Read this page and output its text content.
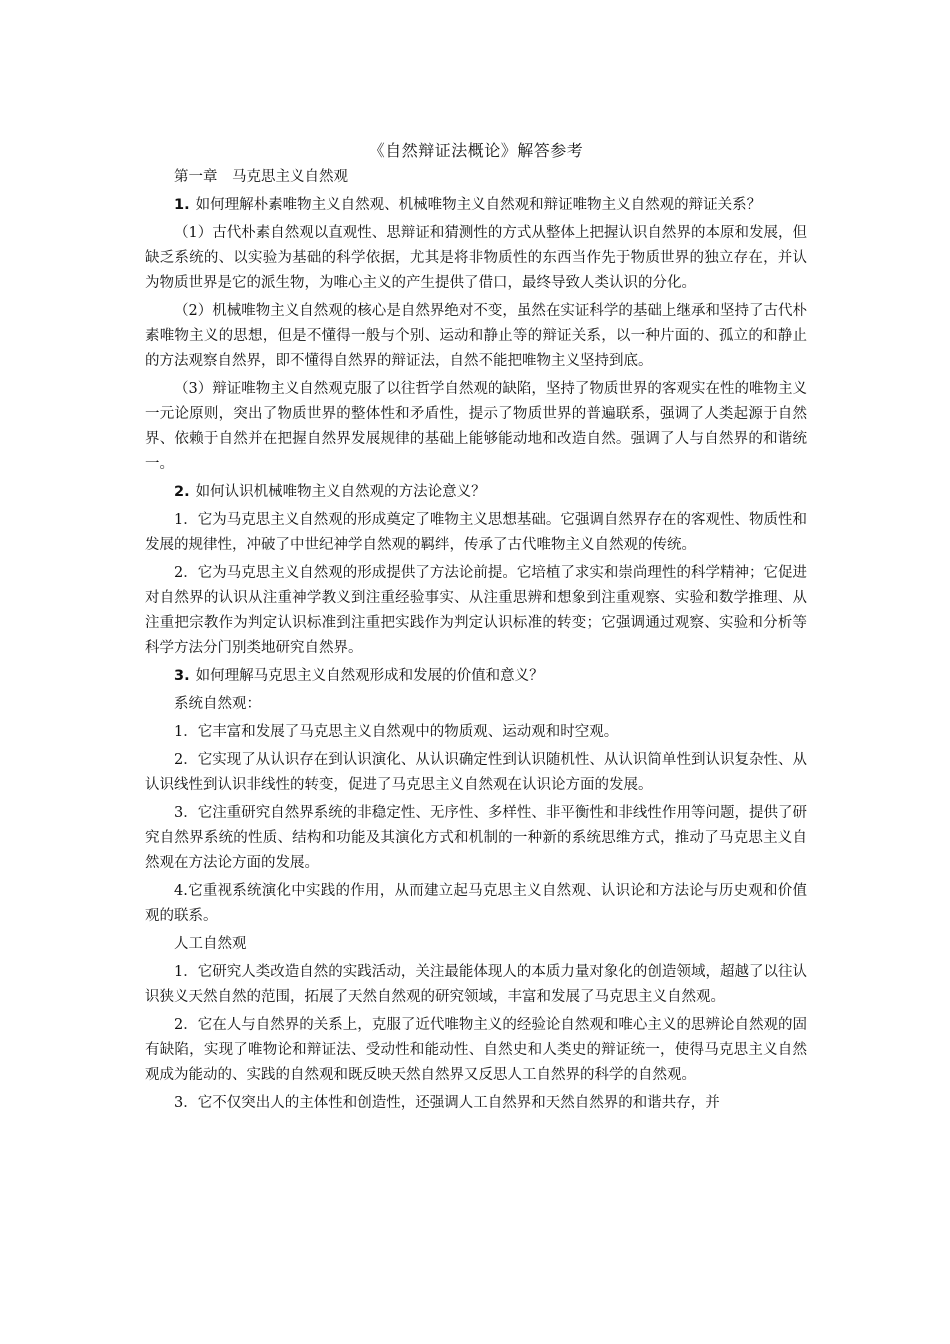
《自然辩证法概论》解答参考

第一章　马克思主义自然观

1. 如何理解朴素唯物主义自然观、机械唯物主义自然观和辩证唯物主义自然观的辩证关系？

（1）古代朴素自然观以直观性、思辩证和猜测性的方式从整体上把握认识自然界的本原和发展，但缺乏系统的、以实验为基础的科学依据，尤其是将非物质性的东西当作先于物质世界的独立存在，并认为物质世界是它的派生物，为唯心主义的产生提供了借口，最终导致人类认识的分化。

（2）机械唯物主义自然观的核心是自然界绝对不变，虽然在实证科学的基础上继承和坚持了古代朴素唯物主义的思想，但是不懂得一般与个别、运动和静止等的辩证关系，以一种片面的、孤立的和静止的方法观察自然界，即不懂得自然界的辩证法，自然不能把唯物主义坚持到底。

（3）辩证唯物主义自然观克服了以往哲学自然观的缺陷，坚持了物质世界的客观实在性的唯物主义一元论原则，突出了物质世界的整体性和矛盾性，提示了物质世界的普遍联系，强调了人类起源于自然界、依赖于自然并在把握自然界发展规律的基础上能够能动地和改造自然。强调了人与自然界的和谐统一。

2. 如何认识机械唯物主义自然观的方法论意义？

1．它为马克思主义自然观的形成奠定了唯物主义思想基础。它强调自然界存在的客观性、物质性和发展的规律性，冲破了中世纪神学自然观的羁绊，传承了古代唯物主义自然观的传统。

2．它为马克思主义自然观的形成提供了方法论前提。它培植了求实和崇尚理性的科学精神；它促进对自然界的认识从注重神学教义到注重经验事实、从注重思辨和想象到注重观察、实验和数学推理、从注重把宗教作为判定认识标准到注重把实践作为判定认识标准的转变；它强调通过观察、实验和分析等科学方法分门别类地研究自然界。

3. 如何理解马克思主义自然观形成和发展的价值和意义？

系统自然观：

1．它丰富和发展了马克思主义自然观中的物质观、运动观和时空观。

2．它实现了从认识存在到认识演化、从认识确定性到认识随机性、从认识简单性到认识复杂性、从认识线性到认识非线性的转变，促进了马克思主义自然观在认识论方面的发展。

3．它注重研究自然界系统的非稳定性、无序性、多样性、非平衡性和非线性作用等问题，提供了研究自然界系统的性质、结构和功能及其演化方式和机制的一种新的系统思维方式，推动了马克思主义自然观在方法论方面的发展。

4.它重视系统演化中实践的作用，从而建立起马克思主义自然观、认识论和方法论与历史观和价值观的联系。

人工自然观

1．它研究人类改造自然的实践活动，关注最能体现人的本质力量对象化的创造领域，超越了以往认识狭义天然自然的范围，拓展了天然自然观的研究领域，丰富和发展了马克思主义自然观。

2．它在人与自然界的关系上，克服了近代唯物主义的经验论自然观和唯心主义的思辨论自然观的固有缺陷，实现了唯物论和辩证法、受动性和能动性、自然史和人类史的辩证统一，使得马克思主义自然观成为能动的、实践的自然观和既反映天然自然界又反思人工自然界的科学的自然观。

3．它不仅突出人的主体性和创造性，还强调人工自然界和天然自然界的和谐共存，并
